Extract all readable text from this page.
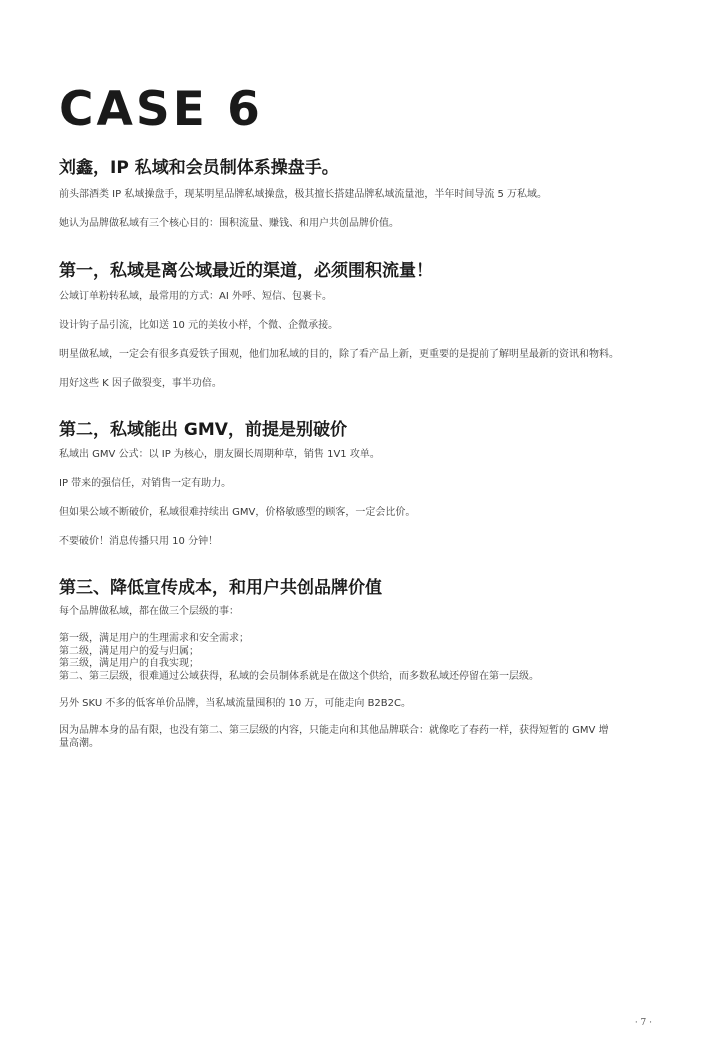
CASE 6
刘鑫，IP 私域和会员制体系操盘手。

前头部酒类 IP 私域操盘手，现某明星品牌私域操盘，极其擅长搭建品牌私域流量池，半年时间导流 5 万私域。

她认为品牌做私域有三个核心目的：围积流量、赚钱、和用户共创品牌价值。

第一，私域是离公域最近的渠道，必须围积流量！

公域订单粉转私域，最常用的方式：AI 外呼、短信、包裹卡。

设计钩子品引流，比如送 10 元的美妆小样，个微、企微承接。

明星做私域，一定会有很多真爱铁子围观，他们加私域的目的，除了看产品上新，更重要的是提前了解明星最新的资讯和物料。

用好这些 K 因子做裂变，事半功倍。

第二，私域能出 GMV，前提是别破价

私域出 GMV 公式：以 IP 为核心，朋友圈长周期种草，销售 1V1 攻单。

IP 带来的强信任，对销售一定有助力。

但如果公域不断破价，私域很难持续出 GMV，价格敏感型的顾客，一定会比价。

不要破价！消息传播只用 10 分钟！

第三、降低宣传成本，和用户共创品牌价值

每个品牌做私域，都在做三个层级的事：

第一级，满足用户的生理需求和安全需求；

第二级，满足用户的爱与归属；

第三级，满足用户的自我实现；

第二、第三层级，很难通过公域获得，私域的会员制体系就是在做这个供给，而多数私域还停留在第一层级。

另外 SKU 不多的低客单价品牌，当私域流量囤积的 10 万，可能走向 B2B2C。

因为品牌本身的品有限，也没有第二、第三层级的内容，只能走向和其他品牌联合：就像吃了春药一样，获得短暂的 GMV 增

量高潮。

· 7 ·
